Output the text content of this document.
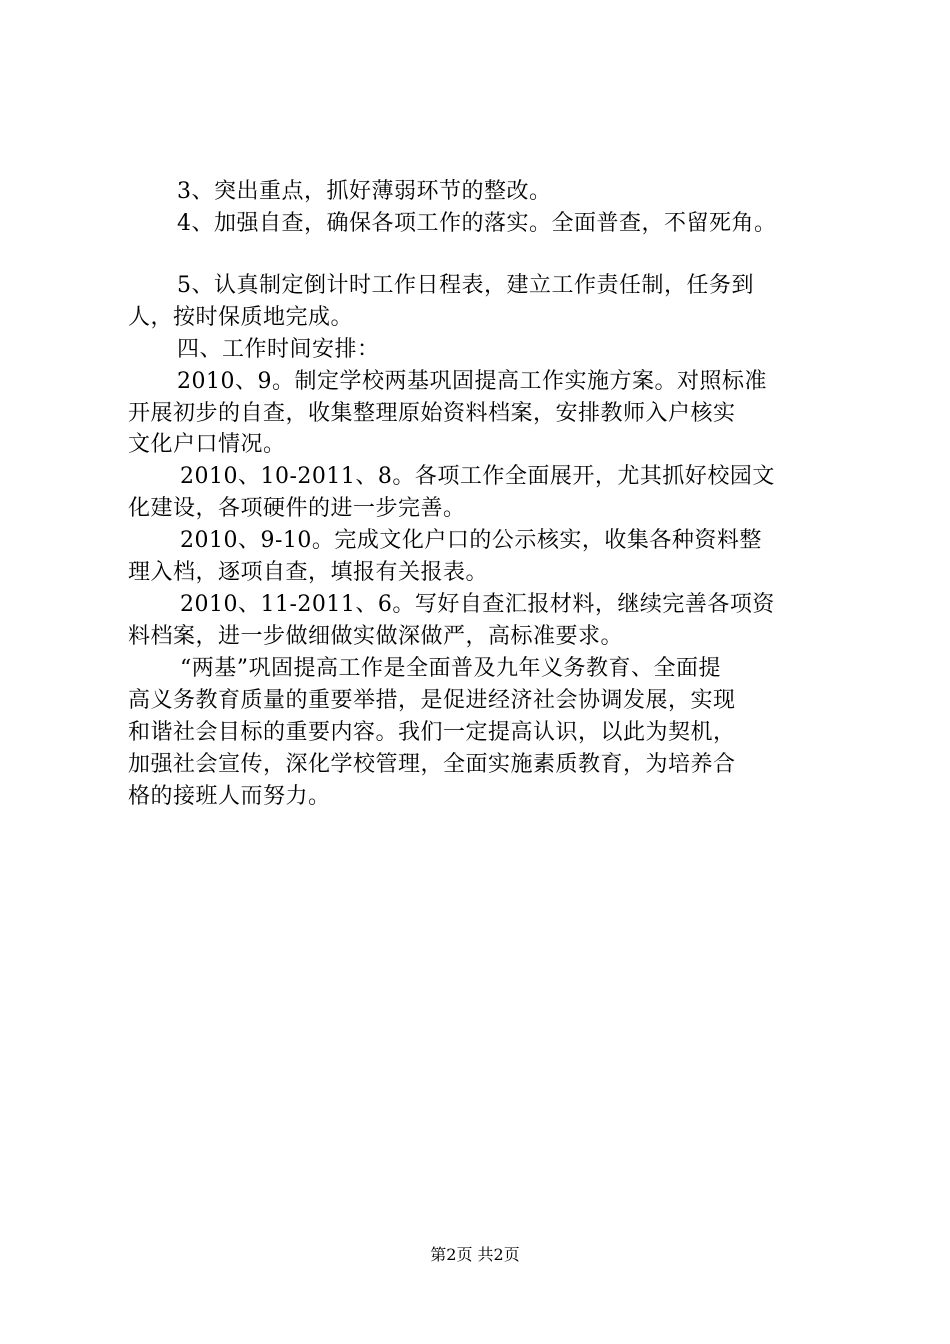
3、突出重点，抓好薄弱环节的整改。
4、加强自查，确保各项工作的落实。全面普查，不留死角。
5、认真制定倒计时工作日程表，建立工作责任制，任务到
人，按时保质地完成。
四、工作时间安排：
2010、9。制定学校两基巩固提高工作实施方案。对照标准
开展初步的自查，收集整理原始资料档案，安排教师入户核实
文化户口情况。
2010、10-2011、8。各项工作全面展开，尤其抓好校园文
化建设，各项硬件的进一步完善。
2010、9-10。完成文化户口的公示核实，收集各种资料整
理入档，逐项自查，填报有关报表。
2010、11-2011、6。写好自查汇报材料，继续完善各项资
料档案，进一步做细做实做深做严，高标准要求。
“两基”巩固提高工作是全面普及九年义务教育、全面提
高义务教育质量的重要举措，是促进经济社会协调发展，实现
和谐社会目标的重要内容。我们一定提高认识，以此为契机，
加强社会宣传，深化学校管理，全面实施素质教育，为培养合
格的接班人而努力。
第2页 共2页
